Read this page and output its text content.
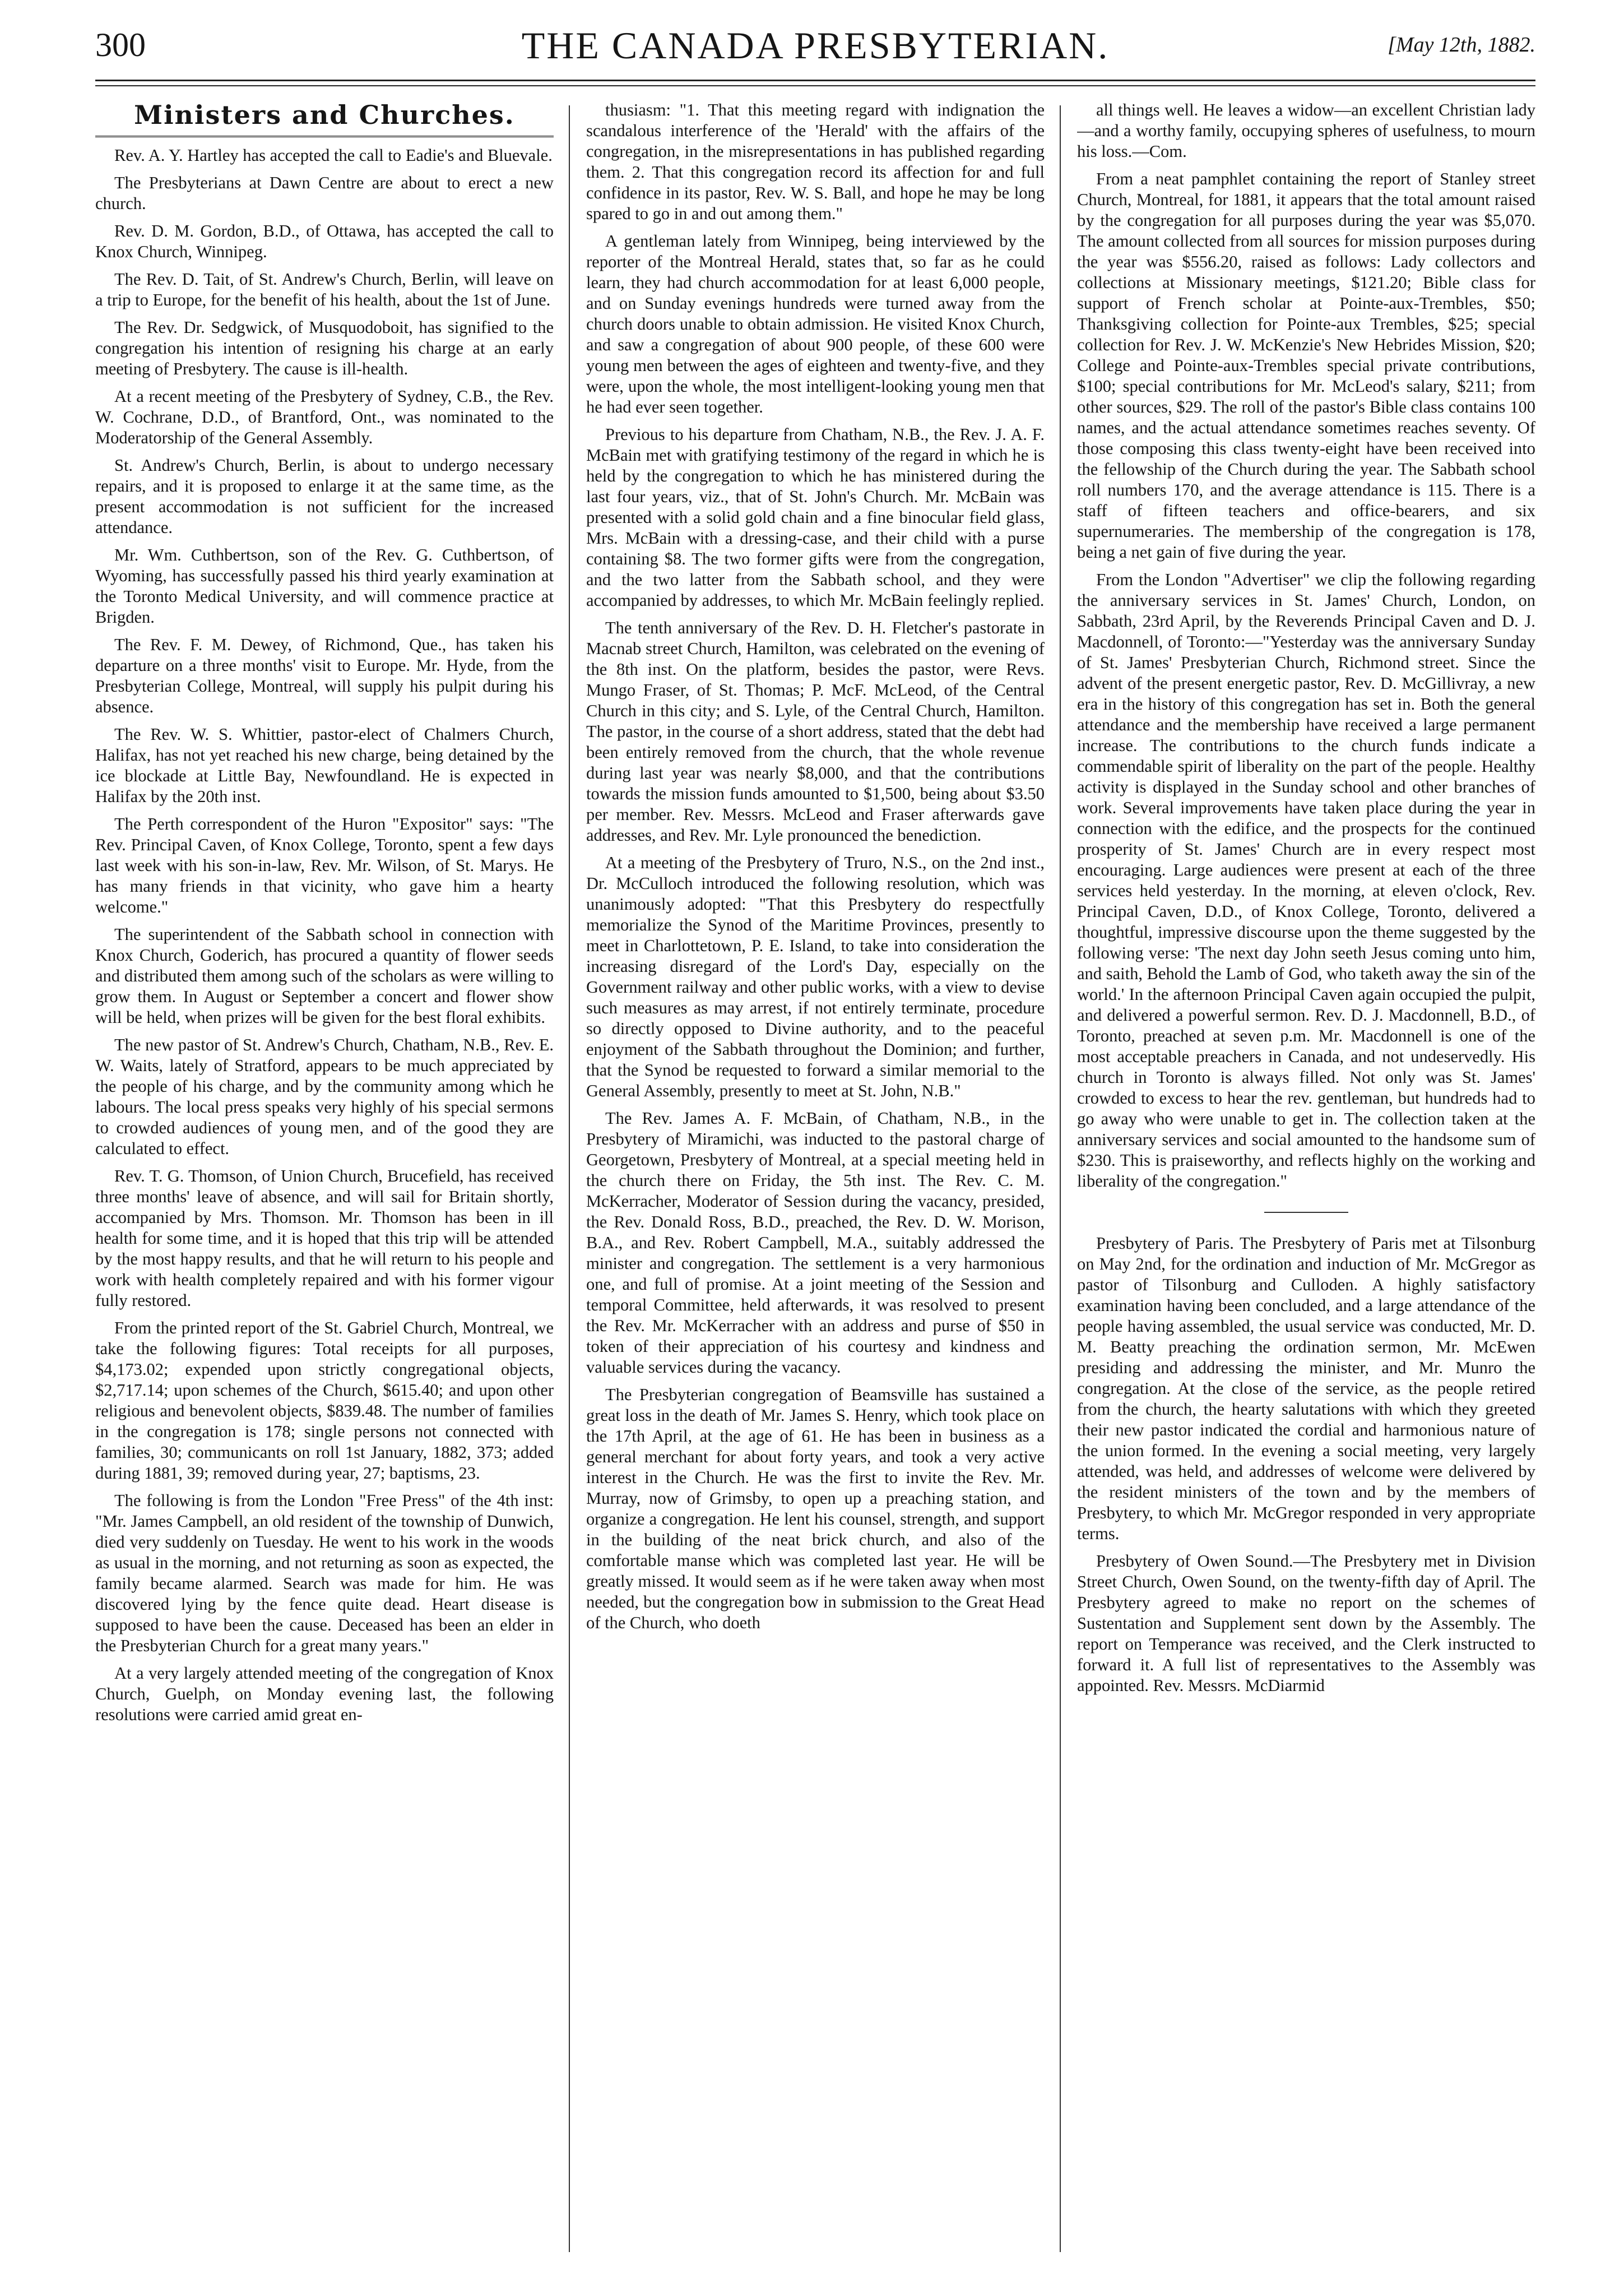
300	THE CANADA PRESBYTERIAN.	[May 12th, 1882.
Ministers and Churches.

Rev. A. Y. Hartley has accepted the call to Eadie's and Bluevale.

The Presbyterians at Dawn Centre are about to erect a new church.

Rev. D. M. Gordon, B.D., of Ottawa, has accepted the call to Knox Church, Winnipeg.

The Rev. D. Tait, of St. Andrew's Church, Berlin, will leave on a trip to Europe, for the benefit of his health, about the 1st of June.

The Rev. Dr. Sedgwick, of Musquodoboit, has signified to the congregation his intention of resigning his charge at an early meeting of Presbytery. The cause is ill-health.

At a recent meeting of the Presbytery of Sydney, C.B., the Rev. W. Cochrane, D.D., of Brantford, Ont., was nominated to the Moderatorship of the General Assembly.

St. Andrew's Church, Berlin, is about to undergo necessary repairs, and it is proposed to enlarge it at the same time, as the present accommodation is not sufficient for the increased attendance.

Mr. Wm. Cuthbertson, son of the Rev. G. Cuthbertson, of Wyoming, has successfully passed his third yearly examination at the Toronto Medical University, and will commence practice at Brigden.

The Rev. F. M. Dewey, of Richmond, Que., has taken his departure on a three months' visit to Europe. Mr. Hyde, from the Presbyterian College, Montreal, will supply his pulpit during his absence.

The Rev. W. S. Whittier, pastor-elect of Chalmers Church, Halifax, has not yet reached his new charge, being detained by the ice blockade at Little Bay, Newfoundland. He is expected in Halifax by the 20th inst.

The Perth correspondent of the Huron "Expositor" says: "The Rev. Principal Caven, of Knox College, Toronto, spent a few days last week with his son-in-law, Rev. Mr. Wilson, of St. Marys. He has many friends in that vicinity, who gave him a hearty welcome."

The superintendent of the Sabbath school in connection with Knox Church, Goderich, has procured a quantity of flower seeds and distributed them among such of the scholars as were willing to grow them. In August or September a concert and flower show will be held, when prizes will be given for the best floral exhibits.

The new pastor of St. Andrew's Church, Chatham, N.B., Rev. E. W. Waits, lately of Stratford, appears to be much appreciated by the people of his charge, and by the community among which he labours. The local press speaks very highly of his special sermons to crowded audiences of young men, and of the good they are calculated to effect.

Rev. T. G. Thomson, of Union Church, Brucefield, has received three months' leave of absence, and will sail for Britain shortly, accompanied by Mrs. Thomson. Mr. Thomson has been in ill health for some time, and it is hoped that this trip will be attended by the most happy results, and that he will return to his people and work with health completely repaired and with his former vigour fully restored.

From the printed report of the St. Gabriel Church, Montreal, we take the following figures: Total receipts for all purposes, $4,173.02; expended upon strictly congregational objects, $2,717.14; upon schemes of the Church, $615.40; and upon other religious and benevolent objects, $839.48. The number of families in the congregation is 178; single persons not connected with families, 30; communicants on roll 1st January, 1882, 373; added during 1881, 39; removed during year, 27; baptisms, 23.

The following is from the London "Free Press" of the 4th inst: "Mr. James Campbell, an old resident of the township of Dunwich, died very suddenly on Tuesday. He went to his work in the woods as usual in the morning, and not returning as soon as expected, the family became alarmed. Search was made for him. He was discovered lying by the fence quite dead. Heart disease is supposed to have been the cause. Deceased has been an elder in the Presbyterian Church for a great many years."

At a very largely attended meeting of the congregation of Knox Church, Guelph, on Monday evening last, the following resolutions were carried amid great en-

thusiasm: "1. That this meeting regard with indignation the scandalous interference of the 'Herald' with the affairs of the congregation, in the misrepresentations in has published regarding them. 2. That this congregation record its affection for and full confidence in its pastor, Rev. W. S. Ball, and hope he may be long spared to go in and out among them."

A gentleman lately from Winnipeg, being interviewed by the reporter of the Montreal Herald, states that, so far as he could learn, they had church accommodation for at least 6,000 people, and on Sunday evenings hundreds were turned away from the church doors unable to obtain admission. He visited Knox Church, and saw a congregation of about 900 people, of these 600 were young men between the ages of eighteen and twenty-five, and they were, upon the whole, the most intelligent-looking young men that he had ever seen together.

Previous to his departure from Chatham, N.B., the Rev. J. A. F. McBain met with gratifying testimony of the regard in which he is held by the congregation to which he has ministered during the last four years, viz., that of St. John's Church. Mr. McBain was presented with a solid gold chain and a fine binocular field glass, Mrs. McBain with a dressing-case, and their child with a purse containing $8. The two former gifts were from the congregation, and the two latter from the Sabbath school, and they were accompanied by addresses, to which Mr. McBain feelingly replied.

The tenth anniversary of the Rev. D. H. Fletcher's pastorate in Macnab street Church, Hamilton, was celebrated on the evening of the 8th inst. On the platform, besides the pastor, were Revs. Mungo Fraser, of St. Thomas; P. McF. McLeod, of the Central Church in this city; and S. Lyle, of the Central Church, Hamilton. The pastor, in the course of a short address, stated that the debt had been entirely removed from the church, that the whole revenue during last year was nearly $8,000, and that the contributions towards the mission funds amounted to $1,500, being about $3.50 per member. Rev. Messrs. McLeod and Fraser afterwards gave addresses, and Rev. Mr. Lyle pronounced the benediction.

At a meeting of the Presbytery of Truro, N.S., on the 2nd inst., Dr. McCulloch introduced the following resolution, which was unanimously adopted: "That this Presbytery do respectfully memorialize the Synod of the Maritime Provinces, presently to meet in Charlottetown, P. E. Island, to take into consideration the increasing disregard of the Lord's Day, especially on the Government railway and other public works, with a view to devise such measures as may arrest, if not entirely terminate, procedure so directly opposed to Divine authority, and to the peaceful enjoyment of the Sabbath throughout the Dominion; and further, that the Synod be requested to forward a similar memorial to the General Assembly, presently to meet at St. John, N.B."

The Rev. James A. F. McBain, of Chatham, N.B., in the Presbytery of Miramichi, was inducted to the pastoral charge of Georgetown, Presbytery of Montreal, at a special meeting held in the church there on Friday, the 5th inst. The Rev. C. M. McKerracher, Moderator of Session during the vacancy, presided, the Rev. Donald Ross, B.D., preached, the Rev. D. W. Morison, B.A., and Rev. Robert Campbell, M.A., suitably addressed the minister and congregation. The settlement is a very harmonious one, and full of promise. At a joint meeting of the Session and temporal Committee, held afterwards, it was resolved to present the Rev. Mr. McKerracher with an address and purse of $50 in token of their appreciation of his courtesy and kindness and valuable services during the vacancy.

The Presbyterian congregation of Beamsville has sustained a great loss in the death of Mr. James S. Henry, which took place on the 17th April, at the age of 61. He has been in business as a general merchant for about forty years, and took a very active interest in the Church. He was the first to invite the Rev. Mr. Murray, now of Grimsby, to open up a preaching station, and organize a congregation. He lent his counsel, strength, and support in the building of the neat brick church, and also of the comfortable manse which was completed last year. He will be greatly missed. It would seem as if he were taken away when most needed, but the congregation bow in submission to the Great Head of the Church, who doeth

all things well. He leaves a widow—an excellent Christian lady—and a worthy family, occupying spheres of usefulness, to mourn his loss.—Com.

From a neat pamphlet containing the report of Stanley street Church, Montreal, for 1881, it appears that the total amount raised by the congregation for all purposes during the year was $5,070. The amount collected from all sources for mission purposes during the year was $556.20, raised as follows: Lady collectors and collections at Missionary meetings, $121.20; Bible class for support of French scholar at Pointe-aux-Trembles, $50; Thanksgiving collection for Pointe-aux Trembles, $25; special collection for Rev. J. W. McKenzie's New Hebrides Mission, $20; College and Pointe-aux-Trembles special private contributions, $100; special contributions for Mr. McLeod's salary, $211; from other sources, $29. The roll of the pastor's Bible class contains 100 names, and the actual attendance sometimes reaches seventy. Of those composing this class twenty-eight have been received into the fellowship of the Church during the year. The Sabbath school roll numbers 170, and the average attendance is 115. There is a staff of fifteen teachers and office-bearers, and six supernumeraries. The membership of the congregation is 178, being a net gain of five during the year.

From the London "Advertiser" we clip the following regarding the anniversary services in St. James' Church, London, on Sabbath, 23rd April, by the Reverends Principal Caven and D. J. Macdonnell, of Toronto:—"Yesterday was the anniversary Sunday of St. James' Presbyterian Church, Richmond street. Since the advent of the present energetic pastor, Rev. D. McGillivray, a new era in the history of this congregation has set in. Both the general attendance and the membership have received a large permanent increase. The contributions to the church funds indicate a commendable spirit of liberality on the part of the people. Healthy activity is displayed in the Sunday school and other branches of work. Several improvements have taken place during the year in connection with the edifice, and the prospects for the continued prosperity of St. James' Church are in every respect most encouraging. Large audiences were present at each of the three services held yesterday. In the morning, at eleven o'clock, Rev. Principal Caven, D.D., of Knox College, Toronto, delivered a thoughtful, impressive discourse upon the theme suggested by the following verse: 'The next day John seeth Jesus coming unto him, and saith, Behold the Lamb of God, who taketh away the sin of the world.' In the afternoon Principal Caven again occupied the pulpit, and delivered a powerful sermon. Rev. D. J. Macdonnell, B.D., of Toronto, preached at seven p.m. Mr. Macdonnell is one of the most acceptable preachers in Canada, and not undeservedly. His church in Toronto is always filled. Not only was St. James' crowded to excess to hear the rev. gentleman, but hundreds had to go away who were unable to get in. The collection taken at the anniversary services and social amounted to the handsome sum of $230. This is praiseworthy, and reflects highly on the working and liberality of the congregation."

Presbytery of Paris. The Presbytery of Paris met at Tilsonburg on May 2nd, for the ordination and induction of Mr. McGregor as pastor of Tilsonburg and Culloden. A highly satisfactory examination having been concluded, and a large attendance of the people having assembled, the usual service was conducted, Mr. D. M. Beatty preaching the ordination sermon, Mr. McEwen presiding and addressing the minister, and Mr. Munro the congregation. At the close of the service, as the people retired from the church, the hearty salutations with which they greeted their new pastor indicated the cordial and harmonious nature of the union formed. In the evening a social meeting, very largely attended, was held, and addresses of welcome were delivered by the resident ministers of the town and by the members of Presbytery, to which Mr. McGregor responded in very appropriate terms.

Presbytery of Owen Sound.—The Presbytery met in Division Street Church, Owen Sound, on the twenty-fifth day of April. The Presbytery agreed to make no report on the schemes of Sustentation and Supplement sent down by the Assembly. The report on Temperance was received, and the Clerk instructed to forward it. A full list of representatives to the Assembly was appointed. Rev. Messrs. McDiarmid
